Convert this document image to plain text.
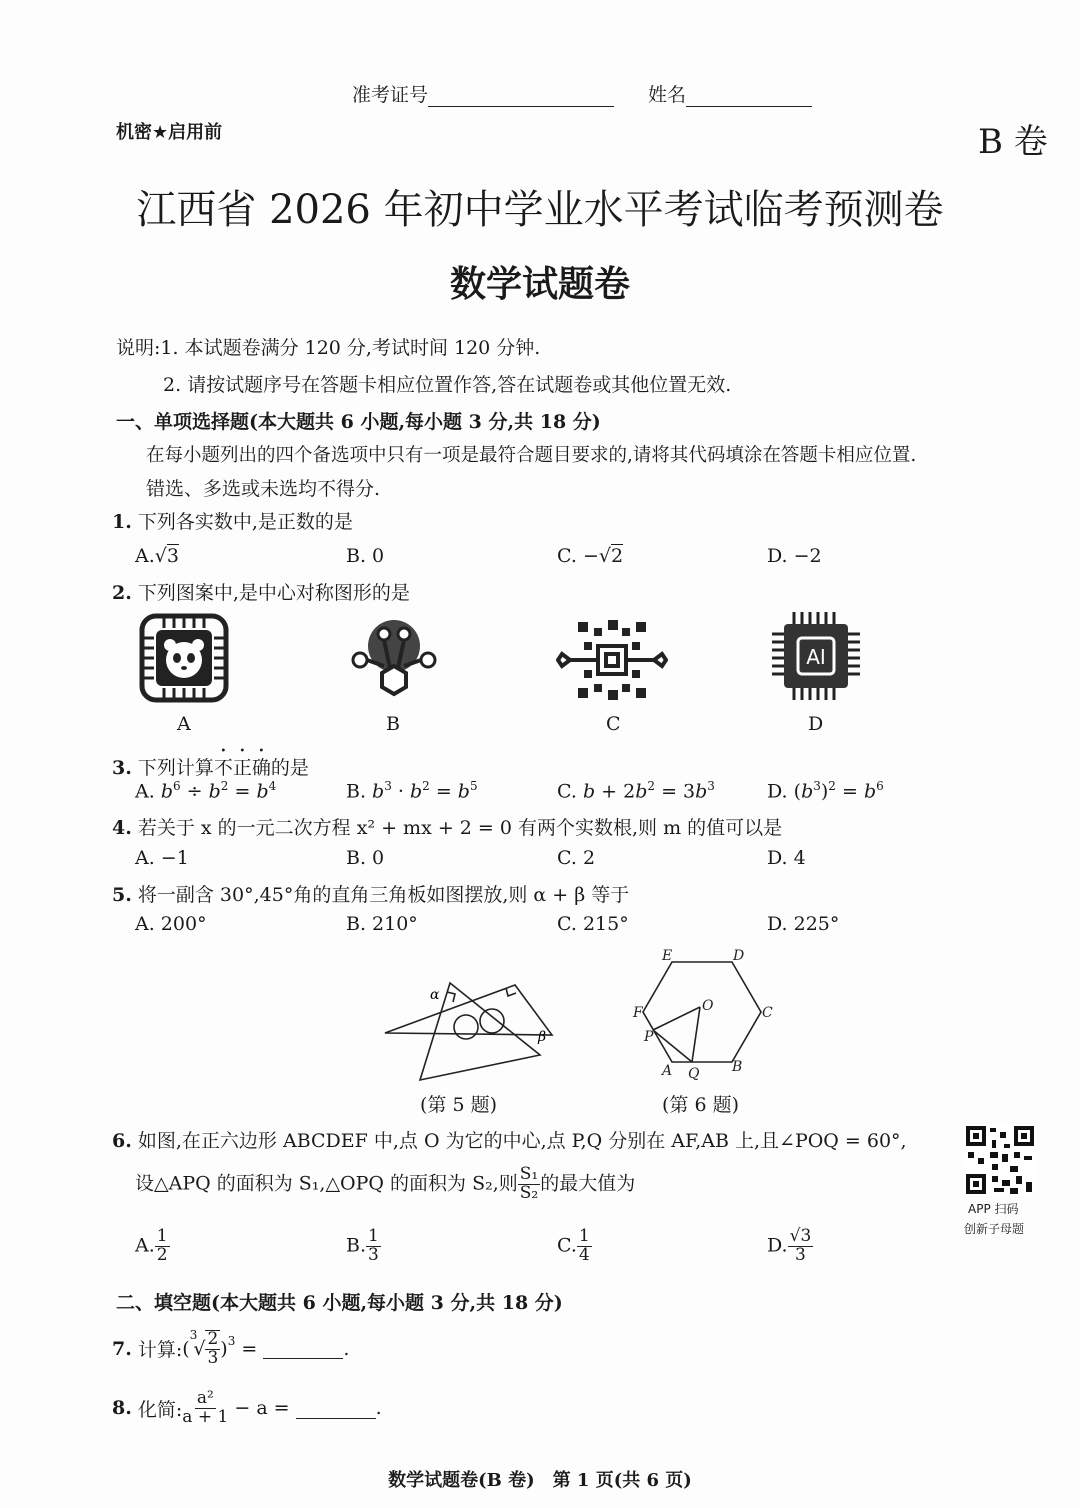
准考证号	姓名
机密★启用前	B 卷
江西省 2026 年初中学业水平考试临考预测卷
数学试题卷
说明:1. 本试题卷满分 120 分,考试时间 120 分钟.
2. 请按试题序号在答题卡相应位置作答,答在试题卷或其他位置无效.
一、单项选择题(本大题共 6 小题,每小题 3 分,共 18 分)
在每小题列出的四个备选项中只有一项是最符合题目要求的,请将其代码填涂在答题卡相应位置.
错选、多选或未选均不得分.
1. 下列各实数中,是正数的是
A.√3	B. 0	C. −√2	D. −2
2. 下列图案中,是中心对称图形的是
A	B	C
AI
D
3. 下列计算不正确的是
A. $b^6 \div b^2 = b^4$	B. $b^3 \cdot b^2 = b^5$	C. $b + 2b^2 = 3b^3$	D. $(b^3)^2 = b^6$
4. 若关于 x 的一元二次方程 x² + mx + 2 = 0 有两个实数根,则 m 的值可以是
A. −1	B. 0	C. 2	D. 4
5. 将一副含 30°,45°角的直角三角板如图摆放,则 α + β 等于
A. 200°	B. 210°	C. 215°	D. 225°
α
β
(第 5 题)
E	D
F	C
O
P
A Q B
(第 6 题)
6. 如图,在正六边形 ABCDEF 中,点 O 为它的中心,点 P,Q 分别在 AF,AB 上,且∠POQ = 60°,
设△APQ 的面积为 S₁,△OPQ 的面积为 S₂,则 $\frac{\text{S₁}}{\text{S₂}}$ 的最大值为
APP 扫码
创新子母题
A. $\frac{1}{2}$	B. $\frac{1}{3}$	C. $\frac{1}{4}$	D. $\frac{√3}{3}$
二、填空题(本大题共 6 小题,每小题 3 分,共 18 分)
7.
计算: (
$^3$
√ $\frac{2}{3} )^3$ =	.
8.
化简: $\frac{\text{a²}}{a + 1}$
− a =
	.
数学试题卷(B 卷)　第 1 页(共 6 页)
